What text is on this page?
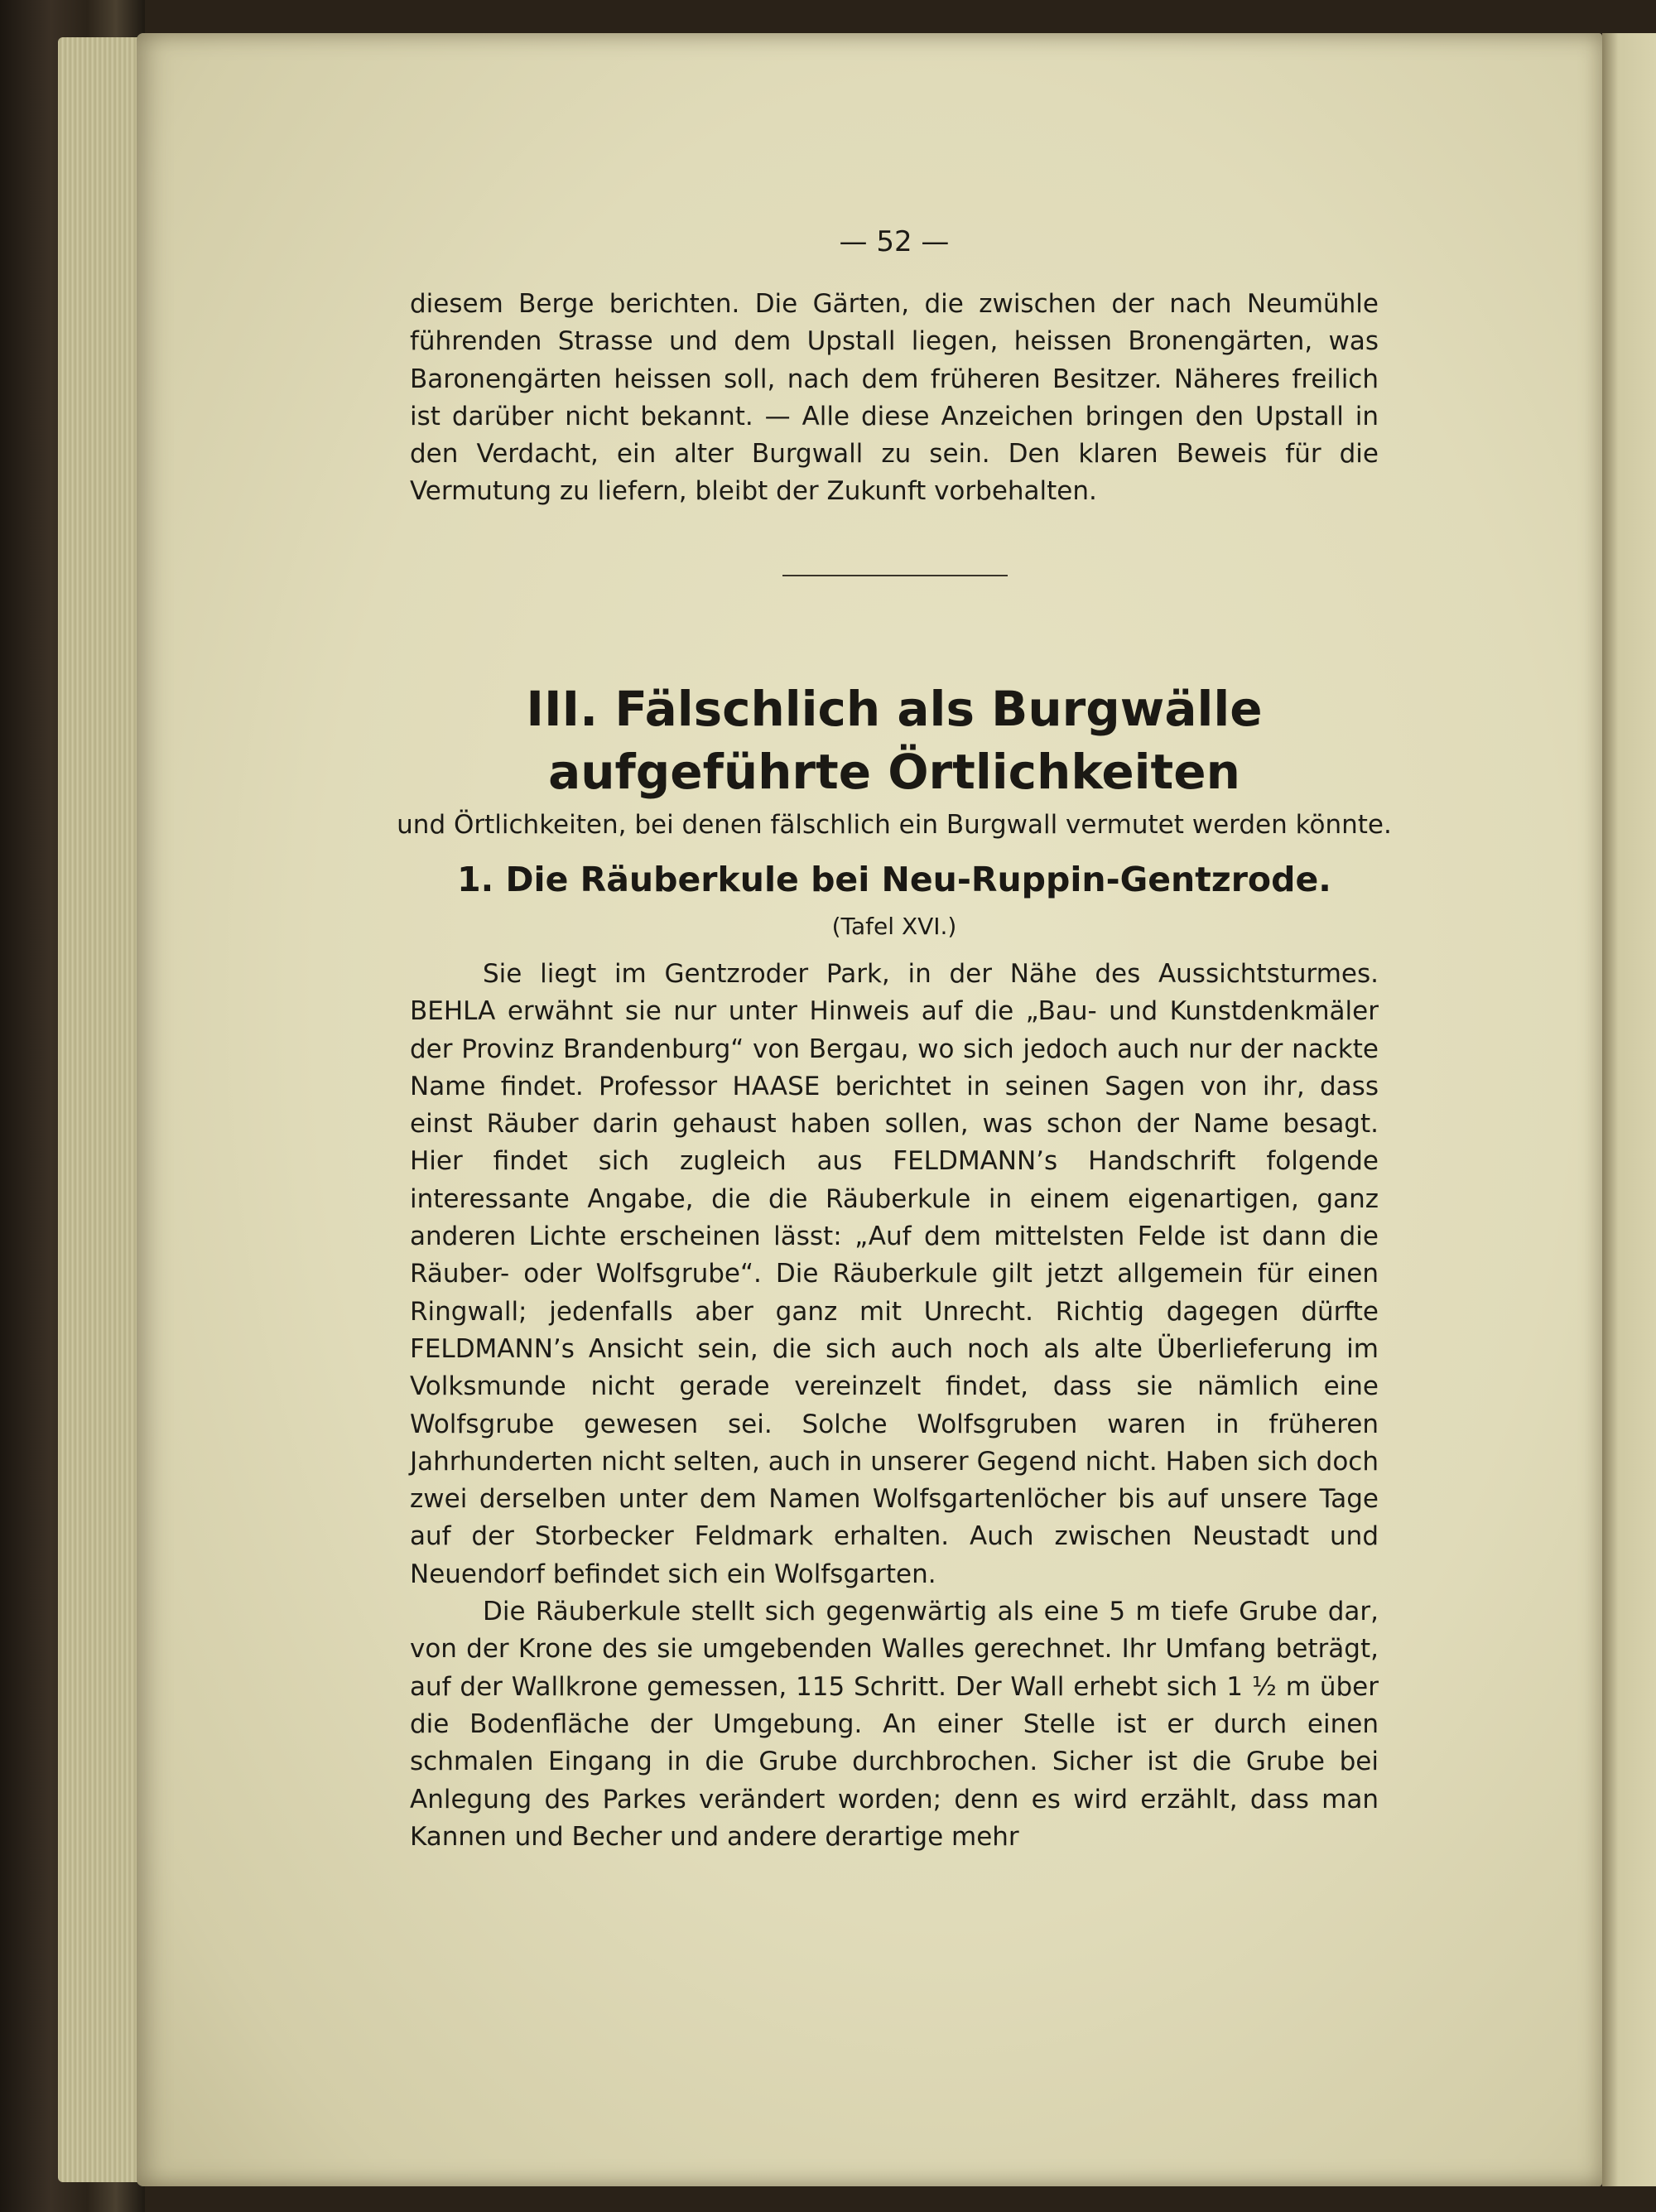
— 52 —

diesem Berge berichten. Die Gärten, die zwischen der nach Neumühle führenden Strasse und dem Upstall liegen, heissen Bronengärten, was Baronengärten heissen soll, nach dem früheren Besitzer. Näheres freilich ist darüber nicht bekannt. — Alle diese Anzeichen bringen den Upstall in den Verdacht, ein alter Burgwall zu sein. Den klaren Beweis für die Vermutung zu liefern, bleibt der Zukunft vorbehalten.

III. Fälschlich als Burgwälle aufgeführte Örtlichkeiten

und Örtlichkeiten, bei denen fälschlich ein Burgwall vermutet werden könnte.

1. Die Räuberkule bei Neu-Ruppin-Gentzrode.

(Tafel XVI.)

Sie liegt im Gentzroder Park, in der Nähe des Aussichtsturmes. BEHLA erwähnt sie nur unter Hinweis auf die „Bau- und Kunstdenkmäler der Provinz Brandenburg“ von Bergau, wo sich jedoch auch nur der nackte Name findet. Professor HAASE berichtet in seinen Sagen von ihr, dass einst Räuber darin gehaust haben sollen, was schon der Name besagt. Hier findet sich zugleich aus FELDMANN’s Handschrift folgende interessante Angabe, die die Räuberkule in einem eigenartigen, ganz anderen Lichte erscheinen lässt: „Auf dem mittelsten Felde ist dann die Räuber- oder Wolfsgrube“. Die Räuberkule gilt jetzt allgemein für einen Ringwall; jedenfalls aber ganz mit Unrecht. Richtig dagegen dürfte FELDMANN’s Ansicht sein, die sich auch noch als alte Überlieferung im Volksmunde nicht gerade vereinzelt findet, dass sie nämlich eine Wolfsgrube gewesen sei. Solche Wolfsgruben waren in früheren Jahrhunderten nicht selten, auch in unserer Gegend nicht. Haben sich doch zwei derselben unter dem Namen Wolfsgartenlöcher bis auf unsere Tage auf der Storbecker Feldmark erhalten. Auch zwischen Neustadt und Neuendorf befindet sich ein Wolfsgarten.

Die Räuberkule stellt sich gegenwärtig als eine 5 m tiefe Grube dar, von der Krone des sie umgebenden Walles gerechnet. Ihr Umfang beträgt, auf der Wallkrone gemessen, 115 Schritt. Der Wall erhebt sich 1 ½ m über die Bodenfläche der Umgebung. An einer Stelle ist er durch einen schmalen Eingang in die Grube durchbrochen. Sicher ist die Grube bei Anlegung des Parkes verändert worden; denn es wird erzählt, dass man Kannen und Becher und andere derartige mehr
